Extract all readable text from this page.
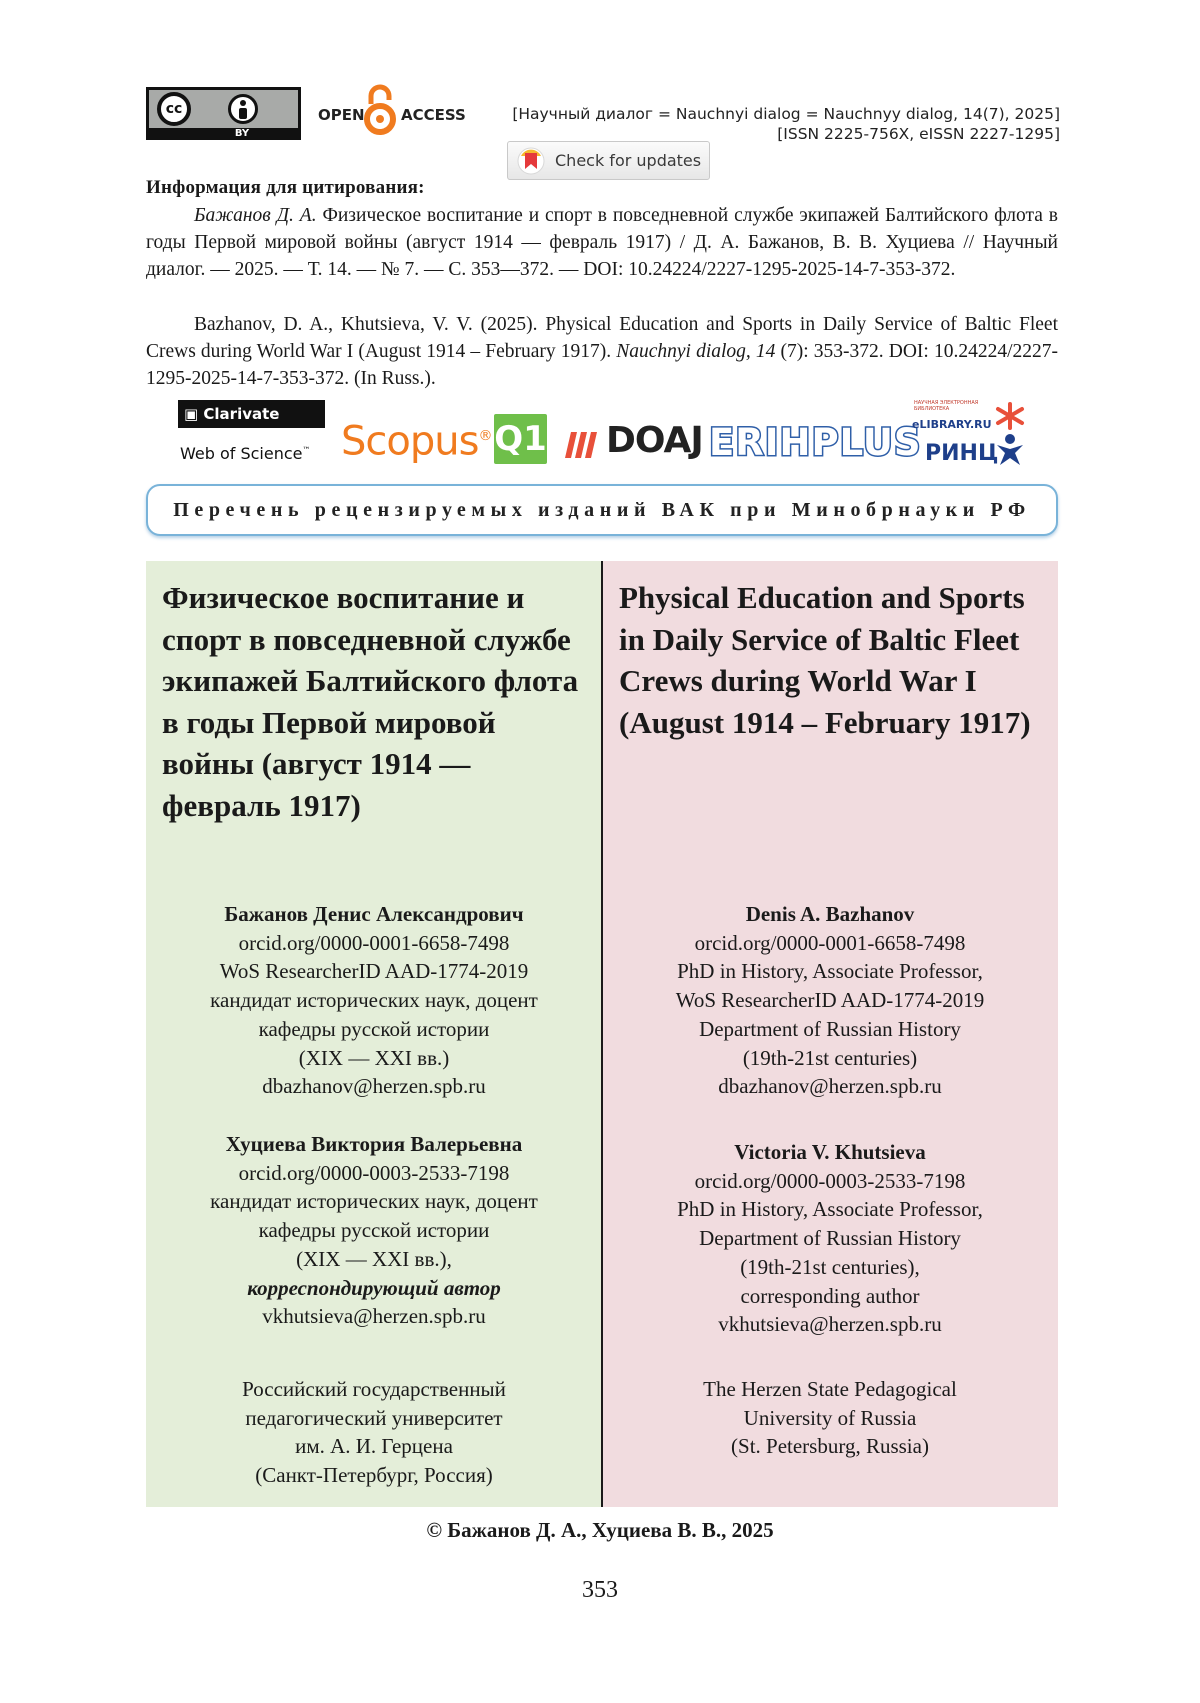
cc
BY
OPEN ACCESS	[Научный диалог = Nauchnyi dialog = Nauchnyy dialog, 14(7), 2025]
[ISSN 2225-756X, eISSN 2227-1295]
Check for updates
Информация для цитирования:
Бажанов Д. А. Физическое воспитание и спорт в повседневной службе экипажей Балтийского флота в годы Первой мировой войны (август 1914 — февраль 1917) / Д. А. Бажанов, В. В. Хуциева // Научный диалог. — 2025. — Т. 14. — № 7. — С. 353—372. — DOI: 10.24224/2227-1295-2025-14-7-353-372.
Bazhanov, D. A., Khutsieva, V. V. (2025). Physical Education and Sports in Daily Service of Baltic Fleet Crews during World War I (August 1914 – February 1917). Nauchnyi dialog, 14 (7): 353-372. DOI: 10.24224/2227-1295-2025-14-7-353-372. (In Russ.).
▣ Clarivate
Web of Science™ Scopus® Q1 DOAJ ERIHPLUS
НАУЧНАЯ ЭЛЕКТРОННАЯ БИБЛИОТЕКА
eLIBRARY.RU
РИНЦ
Перечень рецензируемых изданий ВАК при Минобрнауки РФ
Физическое воспитание и спорт в повседневной службе экипажей Балтийского флота в годы Первой мировой войны (август 1914 — февраль 1917)
Physical Education and Sports in Daily Service of Baltic Fleet Crews during World War I (August 1914 – February 1917)
Бажанов Денис Александрович
orcid.org/0000-0001-6658-7498
WoS ResearcherID AAD-1774-2019
кандидат исторических наук, доцент
кафедры русской истории
(XIX — XXI вв.)
dbazhanov@herzen.spb.ru
Хуциева Виктория Валерьевна
orcid.org/0000-0003-2533-7198
кандидат исторических наук, доцент
кафедры русской истории
(XIX — XXI вв.),
корреспондирующий автор
vkhutsieva@herzen.spb.ru
Российский государственный
педагогический университет
им. А. И. Герцена
(Санкт-Петербург, Россия)
Denis A. Bazhanov
orcid.org/0000-0001-6658-7498
PhD in History, Associate Professor,
WoS ResearcherID AAD-1774-2019
Department of Russian History
(19th-21st centuries)
dbazhanov@herzen.spb.ru
Victoria V. Khutsieva
orcid.org/0000-0003-2533-7198
PhD in History, Associate Professor,
Department of Russian History
(19th-21st centuries),
corresponding author
vkhutsieva@herzen.spb.ru
The Herzen State Pedagogical
University of Russia
(St. Petersburg, Russia)
© Бажанов Д. А., Хуциева В. В., 2025
353
